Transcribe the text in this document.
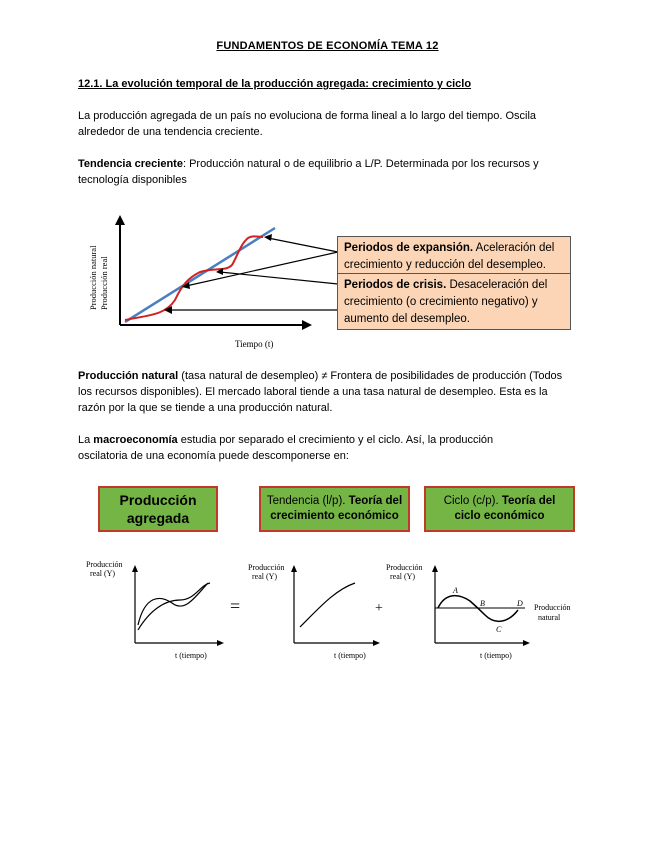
FUNDAMENTOS DE ECONOMÍA TEMA 12
12.1. La evolución temporal de la producción agregada: crecimiento y ciclo
La producción agregada de un país no evoluciona de forma lineal a lo largo del tiempo. Oscila alrededor de una tendencia creciente.
Tendencia creciente: Producción natural o de equilibrio a L/P. Determinada por los recursos y tecnología disponibles
Producción natural Producción real
Tiempo (t)
Periodos de expansión. Aceleración del crecimiento y reducción del desempleo.
Periodos de crisis. Desaceleración del crecimiento (o crecimiento negativo) y aumento del desempleo.
Producción natural (tasa natural de desempleo) ≠ Frontera de posibilidades de producción (Todos los recursos disponibles). El mercado laboral tiende a una tasa natural de desempleo. Esta es la razón por la que se tiende a una producción natural.
La macroeconomía estudia por separado el crecimiento y el ciclo. Así, la producción oscilatoria de una economía puede descomponerse en:
Producción agregada
Tendencia (l/p). Teoría del crecimiento económico
Ciclo (c/p). Teoría del ciclo económico
Producción
real (Y)
t (tiempo)
=
Producción
real (Y)
t (tiempo)
+
Producción
real (Y)
A
B
C
D Producción
natural
t (tiempo)
